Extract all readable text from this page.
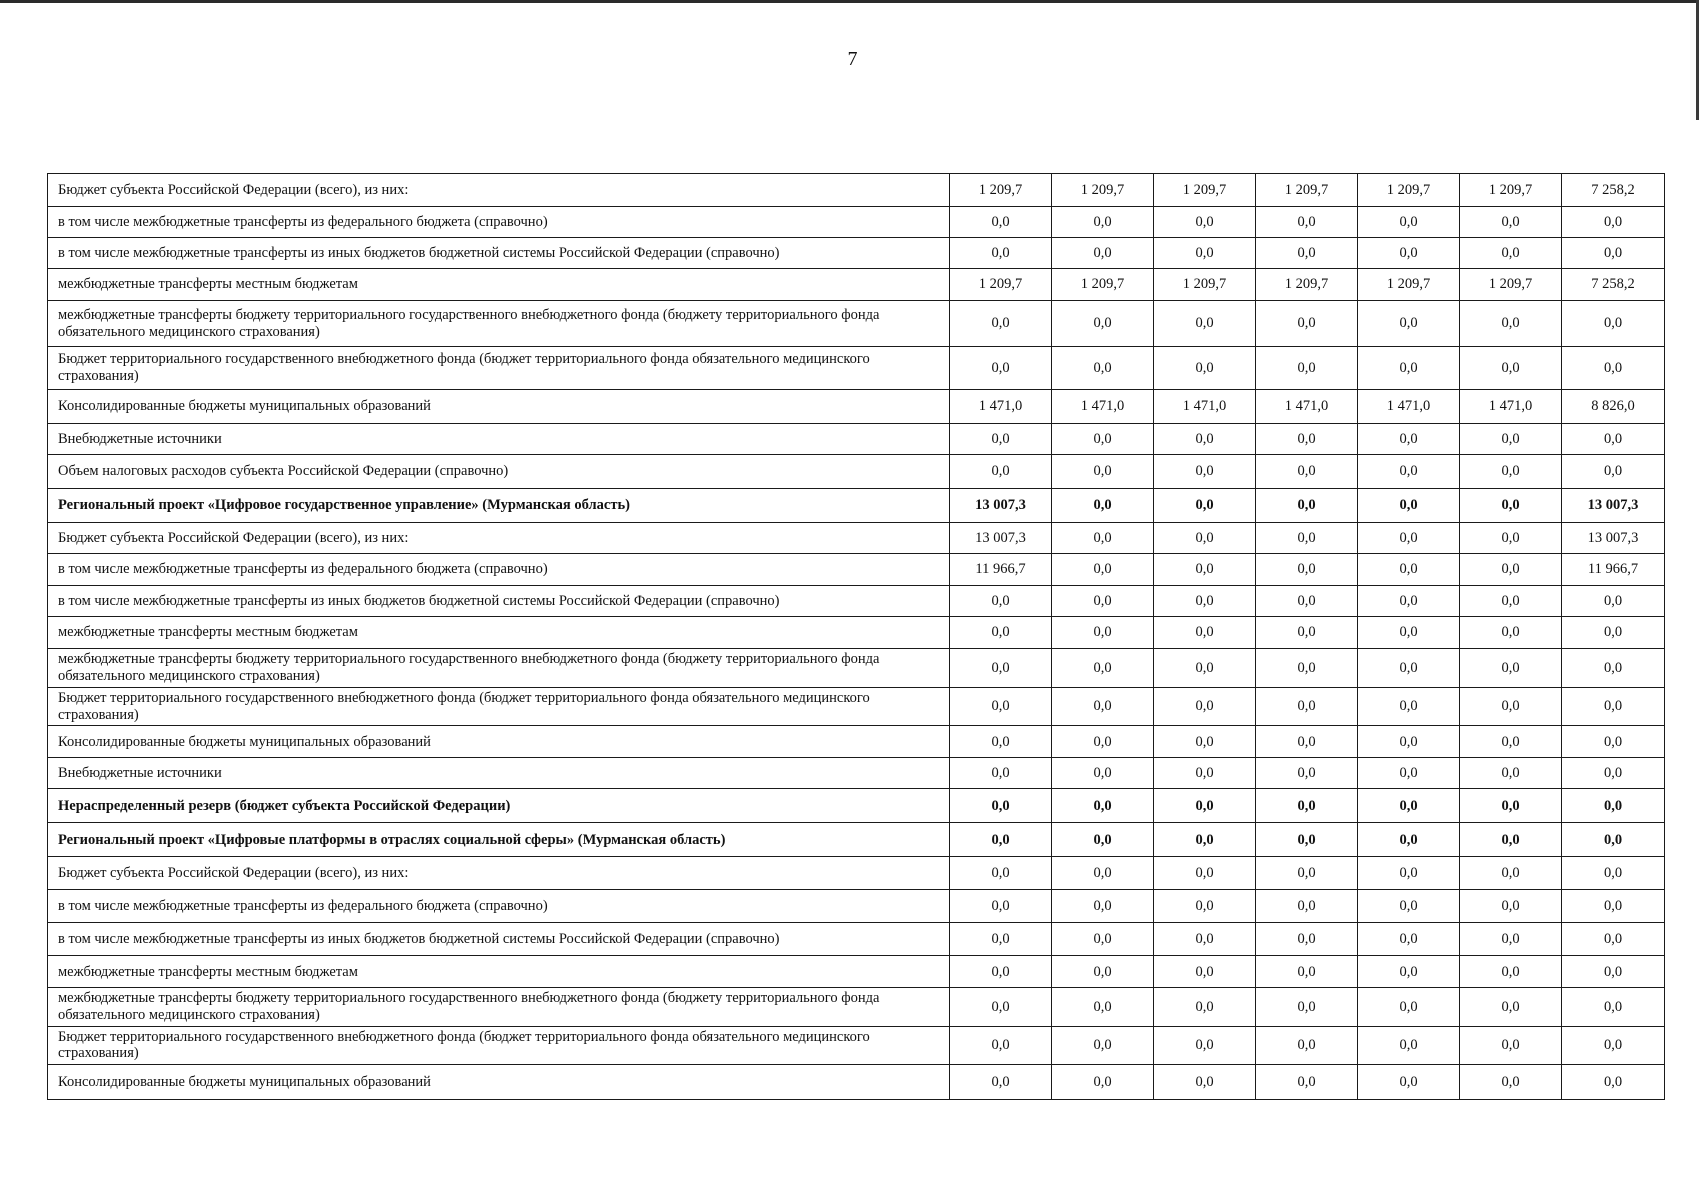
7
Бюджет субъекта Российской Федерации (всего), из них:	1 209,7	1 209,7	1 209,7	1 209,7	1 209,7	1 209,7	7 258,2
в том числе межбюджетные трансферты из федерального бюджета (справочно)	0,0	0,0	0,0	0,0	0,0	0,0	0,0
в том числе межбюджетные трансферты из иных бюджетов бюджетной системы Российской Федерации (справочно)	0,0	0,0	0,0	0,0	0,0	0,0	0,0
межбюджетные трансферты местным бюджетам	1 209,7	1 209,7	1 209,7	1 209,7	1 209,7	1 209,7	7 258,2
межбюджетные трансферты бюджету территориального государственного внебюджетного фонда (бюджету территориального фонда обязательного медицинского страхования)	0,0	0,0	0,0	0,0	0,0	0,0	0,0
Бюджет территориального государственного внебюджетного фонда (бюджет территориального фонда обязательного медицинского страхования)	0,0	0,0	0,0	0,0	0,0	0,0	0,0
Консолидированные бюджеты муниципальных образований	1 471,0	1 471,0	1 471,0	1 471,0	1 471,0	1 471,0	8 826,0
Внебюджетные источники	0,0	0,0	0,0	0,0	0,0	0,0	0,0
Объем налоговых расходов субъекта Российской Федерации (справочно)	0,0	0,0	0,0	0,0	0,0	0,0	0,0
Региональный проект «Цифровое государственное управление» (Мурманская область)	13 007,3	0,0	0,0	0,0	0,0	0,0	13 007,3
Бюджет субъекта Российской Федерации (всего), из них:	13 007,3	0,0	0,0	0,0	0,0	0,0	13 007,3
в том числе межбюджетные трансферты из федерального бюджета (справочно)	11 966,7	0,0	0,0	0,0	0,0	0,0	11 966,7
в том числе межбюджетные трансферты из иных бюджетов бюджетной системы Российской Федерации (справочно)	0,0	0,0	0,0	0,0	0,0	0,0	0,0
межбюджетные трансферты местным бюджетам	0,0	0,0	0,0	0,0	0,0	0,0	0,0
межбюджетные трансферты бюджету территориального государственного внебюджетного фонда (бюджету территориального фонда обязательного медицинского страхования)	0,0	0,0	0,0	0,0	0,0	0,0	0,0
Бюджет территориального государственного внебюджетного фонда (бюджет территориального фонда обязательного медицинского страхования)	0,0	0,0	0,0	0,0	0,0	0,0	0,0
Консолидированные бюджеты муниципальных образований	0,0	0,0	0,0	0,0	0,0	0,0	0,0
Внебюджетные источники	0,0	0,0	0,0	0,0	0,0	0,0	0,0
Нераспределенный резерв (бюджет субъекта Российской Федерации)	0,0	0,0	0,0	0,0	0,0	0,0	0,0
Региональный проект «Цифровые платформы в отраслях социальной сферы» (Мурманская область)	0,0	0,0	0,0	0,0	0,0	0,0	0,0
Бюджет субъекта Российской Федерации (всего), из них:	0,0	0,0	0,0	0,0	0,0	0,0	0,0
в том числе межбюджетные трансферты из федерального бюджета (справочно)	0,0	0,0	0,0	0,0	0,0	0,0	0,0
в том числе межбюджетные трансферты из иных бюджетов бюджетной системы Российской Федерации (справочно)	0,0	0,0	0,0	0,0	0,0	0,0	0,0
межбюджетные трансферты местным бюджетам	0,0	0,0	0,0	0,0	0,0	0,0	0,0
межбюджетные трансферты бюджету территориального государственного внебюджетного фонда (бюджету территориального фонда обязательного медицинского страхования)	0,0	0,0	0,0	0,0	0,0	0,0	0,0
Бюджет территориального государственного внебюджетного фонда (бюджет территориального фонда обязательного медицинского страхования)	0,0	0,0	0,0	0,0	0,0	0,0	0,0
Консолидированные бюджеты муниципальных образований	0,0	0,0	0,0	0,0	0,0	0,0	0,0
